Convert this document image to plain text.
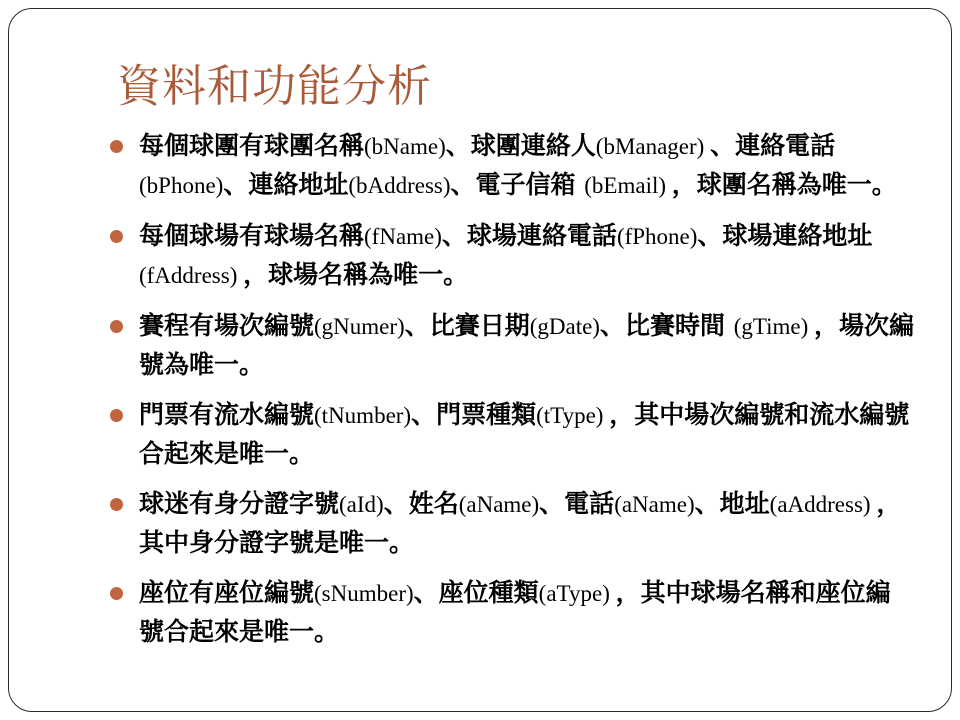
資料和功能分析
每個球團有球團名稱(bName)、球團連絡人(bManager) 、連絡電話(bPhone)、連絡地址(bAddress)、電子信箱 (bEmail) ，球團名稱為唯一。
每個球場有球場名稱(fName)、球場連絡電話(fPhone)、球場連絡地址(fAddress) ，球場名稱為唯一。
賽程有場次編號(gNumer)、比賽日期(gDate)、比賽時間 (gTime) ，場次編號為唯一。
門票有流水編號(tNumber)、門票種類(tType) ，其中場次編號和流水編號合起來是唯一。
球迷有身分證字號(aId)、姓名(aName)、電話(aName)、地址(aAddress) ，其中身分證字號是唯一。
座位有座位編號(sNumber)、座位種類(aType) ，其中球場名稱和座位編號合起來是唯一。
